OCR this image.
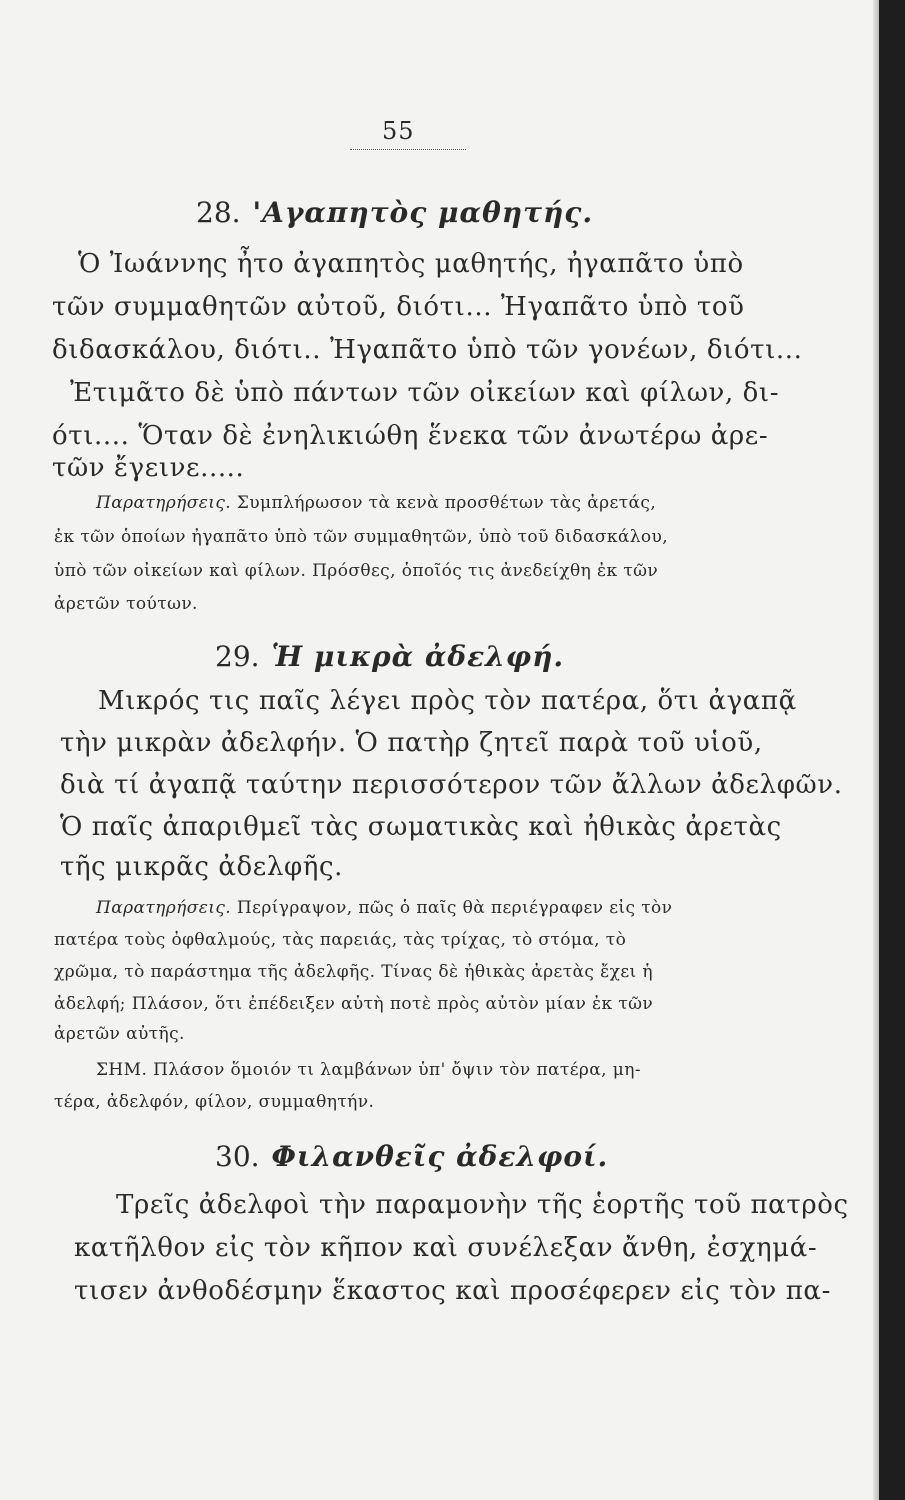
55
28. 'Αγαπητὸς μαθητής.
Ὁ Ἰωάννης ἦτο ἀγαπητὸς μαθητής, ἠγαπᾶτο ὑπὸ
τῶν συμμαθητῶν αὐτοῦ, διότι... Ἠγαπᾶτο ὑπὸ τοῦ
διδασκάλου, διότι.. Ἠγαπᾶτο ὑπὸ τῶν γονέων, διότι...
Ἐτιμᾶτο δὲ ὑπὸ πάντων τῶν οἰκείων καὶ φίλων, δι-
ότι.... Ὅταν δὲ ἐνηλικιώθη ἕνεκα τῶν ἀνωτέρω ἀρε-
τῶν ἔγεινε.....
Παρατηρήσεις. Συμπλήρωσον τὰ κενὰ προσθέτων τὰς ἀρετάς,
ἐκ τῶν ὁποίων ἠγαπᾶτο ὑπὸ τῶν συμμαθητῶν, ὑπὸ τοῦ διδασκάλου,
ὑπὸ τῶν οἰκείων καὶ φίλων. Πρόσθες, ὁποῖός τις ἀνεδείχθη ἐκ τῶν
ἀρετῶν τούτων.
29. Ἡ μικρὰ ἀδελφή.
Μικρός τις παῖς λέγει πρὸς τὸν πατέρα, ὅτι ἀγαπᾷ
τὴν μικρὰν ἀδελφήν. Ὁ πατὴρ ζητεῖ παρὰ τοῦ υἱοῦ,
διὰ τί ἀγαπᾷ ταύτην περισσότερον τῶν ἄλλων ἀδελφῶν.
Ὁ παῖς ἀπαριθμεῖ τὰς σωματικὰς καὶ ἠθικὰς ἀρετὰς
τῆς μικρᾶς ἀδελφῆς.
Παρατηρήσεις. Περίγραψον, πῶς ὁ παῖς θὰ περιέγραφεν εἰς τὸν
πατέρα τοὺς ὀφθαλμούς, τὰς παρειάς, τὰς τρίχας, τὸ στόμα, τὸ
χρῶμα, τὸ παράστημα τῆς ἀδελφῆς. Τίνας δὲ ἠθικὰς ἀρετὰς ἔχει ἡ
ἀδελφή; Πλάσον, ὅτι ἐπέδειξεν αὐτὴ ποτὲ πρὸς αὐτὸν μίαν ἐκ τῶν
ἀρετῶν αὐτῆς.
ΣΗΜ. Πλάσον ὅμοιόν τι λαμβάνων ὑπ' ὄψιν τὸν πατέρα, μη-
τέρα, ἀδελφόν, φίλον, συμμαθητήν.
30. Φιλανθεῖς ἀδελφοί.
Τρεῖς ἀδελφοὶ τὴν παραμονὴν τῆς ἑορτῆς τοῦ πατρὸς
κατῆλθον εἰς τὸν κῆπον καὶ συνέλεξαν ἄνθη, ἐσχημά-
τισεν ἀνθοδέσμην ἕκαστος καὶ προσέφερεν εἰς τὸν πα-
